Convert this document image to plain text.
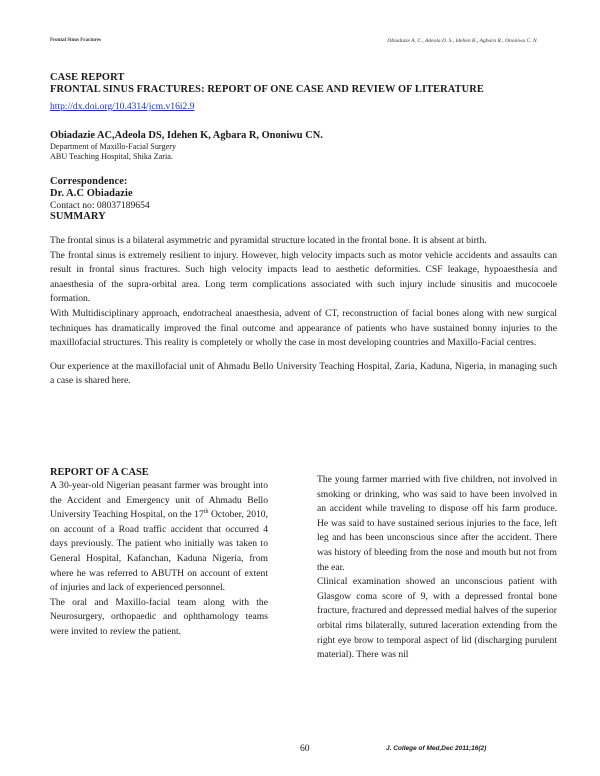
Frontal Sinus Fractures	Obiadazie A. C., Adeola D. S., Idehen K., Agbara R., Ononiwu C. N.
CASE REPORT
FRONTAL SINUS FRACTURES: REPORT OF ONE CASE AND REVIEW OF LITERATURE
http://dx.doi.org/10.4314/jcm.v16i2.9
Obiadazie AC,Adeola DS, Idehen K, Agbara R, Ononiwu CN.
Department of Maxillo-Facial Surgery
ABU Teaching Hospital, Shika Zaria.
Correspondence:
Dr. A.C Obiadazie
Contact no: 08037189654
SUMMARY

The frontal sinus is a bilateral asymmetric and pyramidal structure located in the frontal bone. It is absent at birth.

The frontal sinus is extremely resilient to injury. However, high velocity impacts such as motor vehicle accidents and assaults can result in frontal sinus fractures. Such high velocity impacts lead to aesthetic deformities. CSF leakage, hypoaesthesia and anaesthesia of the supra-orbital area. Long term complications associated with such injury include sinusitis and mucocoele formation.

With Multidisciplinary approach, endotracheal anaesthesia, advent of CT, reconstruction of facial bones along with new surgical techniques has dramatically improved the final outcome and appearance of patients who have sustained bonny injuries to the maxillofacial structures. This reality is completely or wholly the case in most developing countries and Maxillo-Facial centres.

Our experience at the maxillofacial unit of Ahmadu Bello University Teaching Hospital, Zaria, Kaduna, Nigeria, in managing such a case is shared here.

REPORT OF A CASE

A 30-year-old Nigerian peasant farmer was brought into the Accident and Emergency unit of Ahmadu Bello University Teaching Hospital, on the 17th October, 2010, on account of a Road traffic accident that occurred 4 days previously. The patient who initially was taken to General Hospital, Kafanchan, Kaduna Nigeria, from where he was referred to ABUTH on account of extent of injuries and lack of experienced personnel.

The oral and Maxillo-facial team along with the Neurosurgery, orthopaedic and ophthamology teams were invited to review the patient.

The young farmer married with five children, not involved in smoking or drinking, who was said to have been involved in an accident while traveling to dispose off his farm produce. He was said to have sustained serious injuries to the face, left leg and has been unconscious since after the accident. There was history of bleeding from the nose and mouth but not from the ear.

Clinical examination showed an unconscious patient with Glasgow coma score of 9, with a depressed frontal bone fracture, fractured and depressed medial halves of the superior orbital rims bilaterally, sutured laceration extending from the right eye brow to temporal aspect of lid (discharging purulent material). There was nil

60	J. College of Med,Dec 2011;16(2)
